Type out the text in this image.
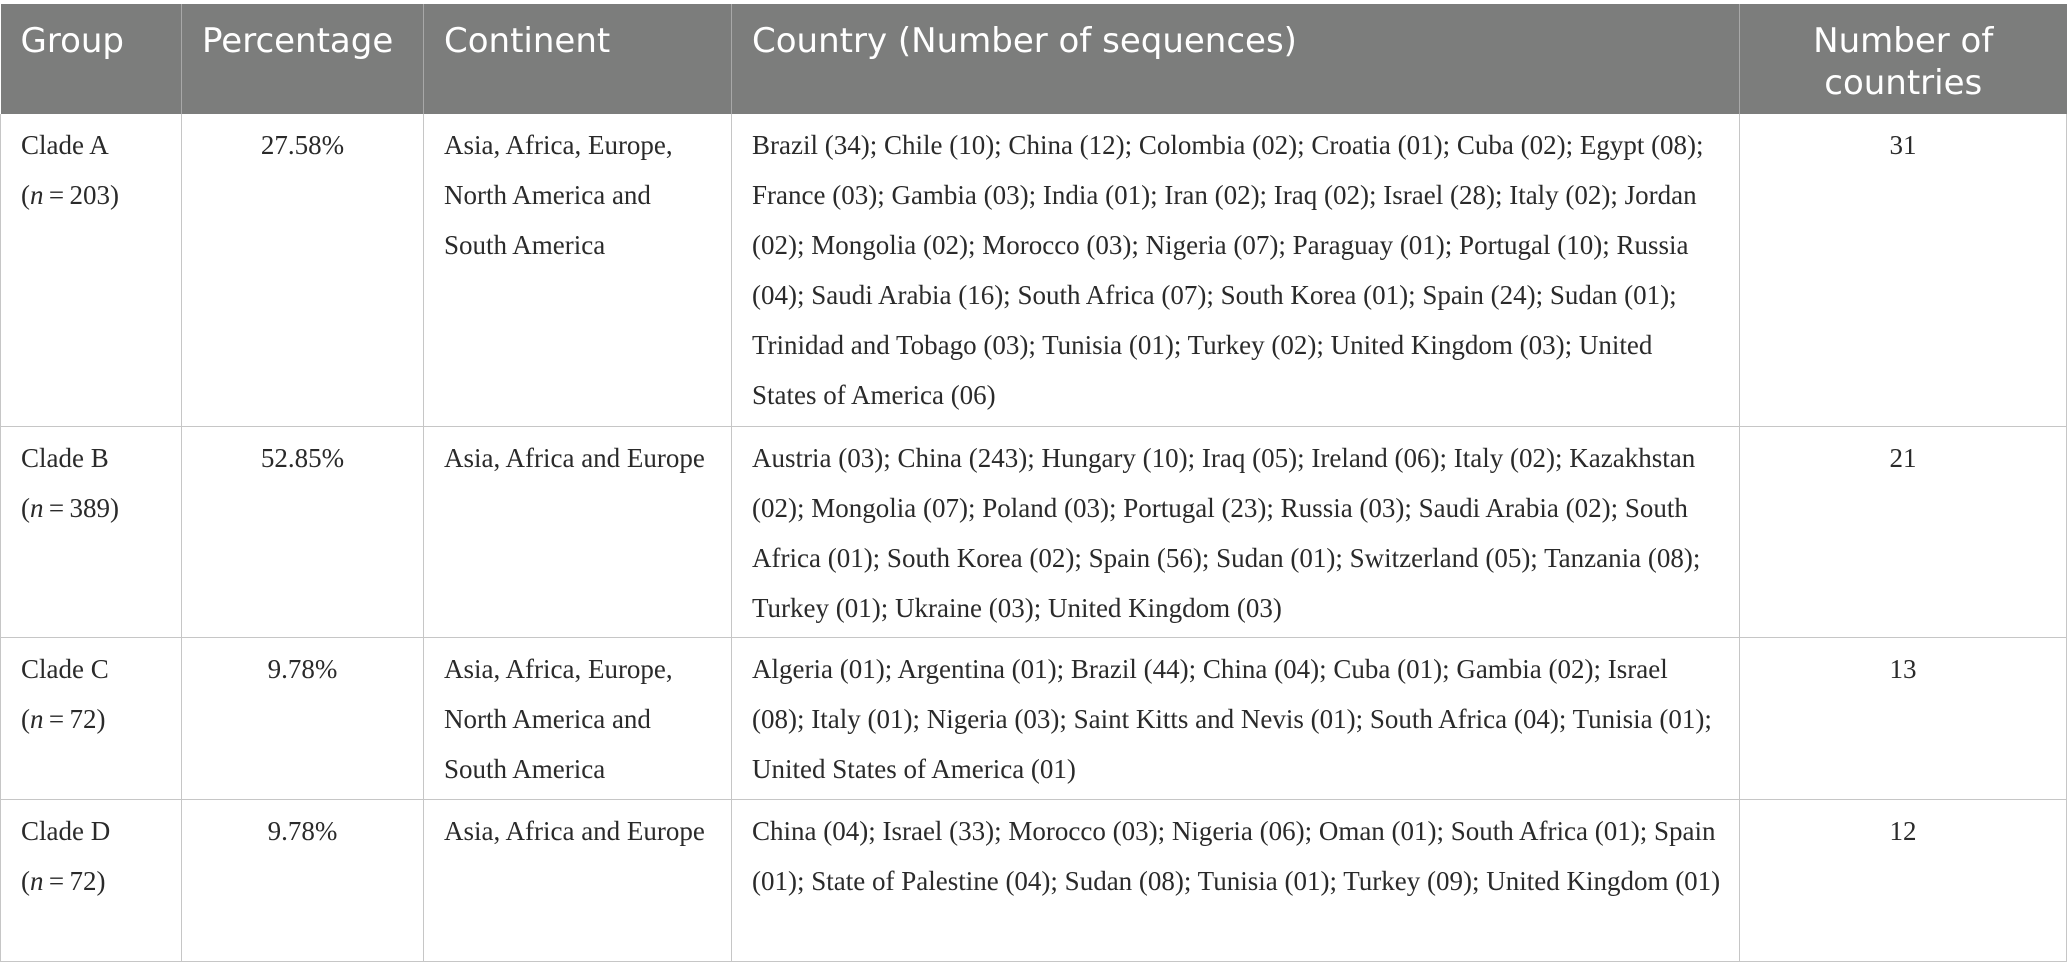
Group	Percentage	Continent	Country (Number of sequences)	Number of
countries

Clade A
(n = 203)	27.58%	Asia, Africa, Europe, North America and South America	Brazil (34); Chile (10); China (12); Colombia (02); Croatia (01); Cuba (02); Egypt (08); France (03); Gambia (03); India (01); Iran (02); Iraq (02); Israel (28); Italy (02); Jordan (02); Mongolia (02); Morocco (03); Nigeria (07); Paraguay (01); Portugal (10); Russia (04); Saudi Arabia (16); South Africa (07); South Korea (01); Spain (24); Sudan (01); Trinidad and Tobago (03); Tunisia (01); Turkey (02); United Kingdom (03); United States of America (06)	31

Clade B
(n = 389)	52.85%	Asia, Africa and Europe	Austria (03); China (243); Hungary (10); Iraq (05); Ireland (06); Italy (02); Kazakhstan (02); Mongolia (07); Poland (03); Portugal (23); Russia (03); Saudi Arabia (02); South Africa (01); South Korea (02); Spain (56); Sudan (01); Switzerland (05); Tanzania (08); Turkey (01); Ukraine (03); United Kingdom (03)	21

Clade C
(n = 72)	9.78%	Asia, Africa, Europe, North America and South America	Algeria (01); Argentina (01); Brazil (44); China (04); Cuba (01); Gambia (02); Israel (08); Italy (01); Nigeria (03); Saint Kitts and Nevis (01); South Africa (04); Tunisia (01); United States of America (01)	13

Clade D
(n = 72)	9.78%	Asia, Africa and Europe	China (04); Israel (33); Morocco (03); Nigeria (06); Oman (01); South Africa (01); Spain (01); State of Palestine (04); Sudan (08); Tunisia (01); Turkey (09); United Kingdom (01)	12
